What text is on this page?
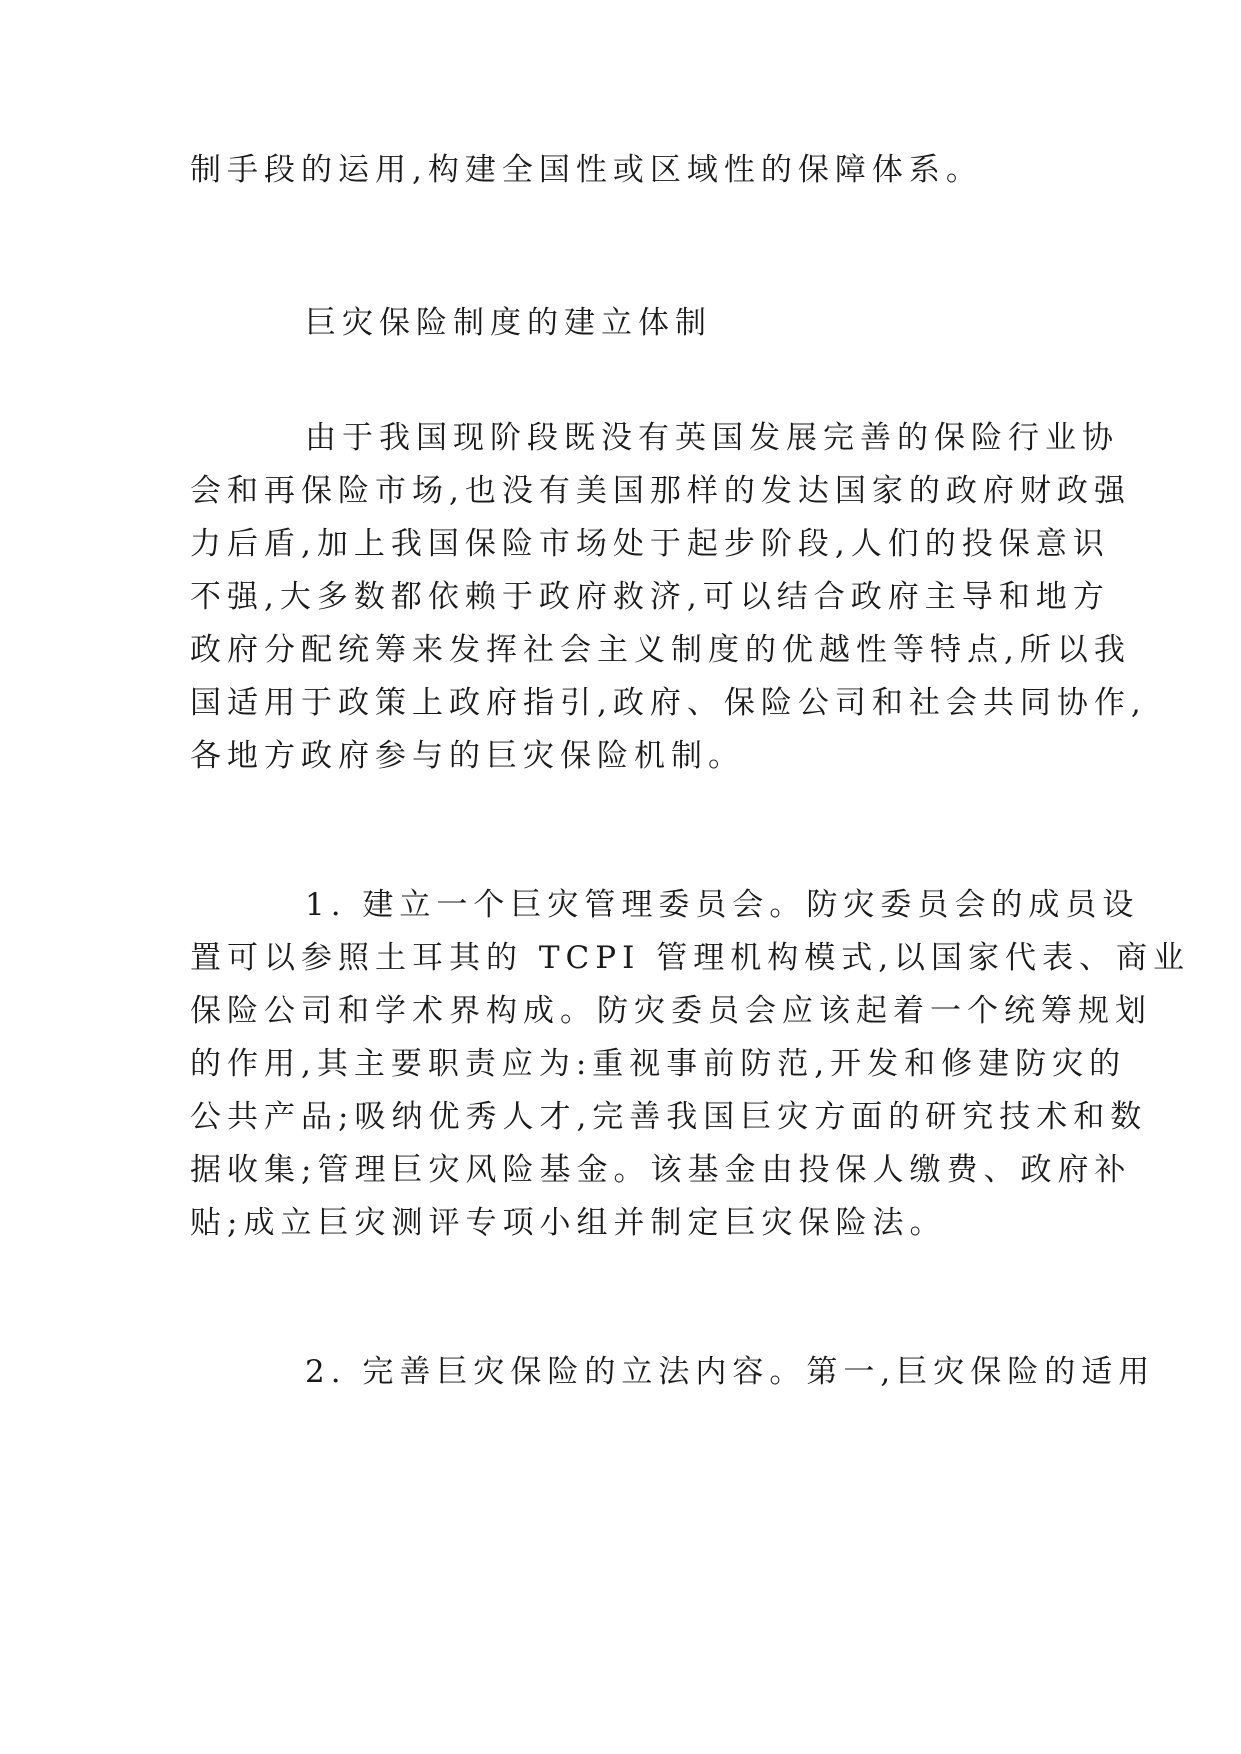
制手段的运用,构建全国性或区域性的保障体系。
巨灾保险制度的建立体制
由于我国现阶段既没有英国发展完善的保险行业协
会和再保险市场,也没有美国那样的发达国家的政府财政强
力后盾,加上我国保险市场处于起步阶段,人们的投保意识
不强,大多数都依赖于政府救济,可以结合政府主导和地方
政府分配统筹来发挥社会主义制度的优越性等特点,所以我
国适用于政策上政府指引,政府、保险公司和社会共同协作,
各地方政府参与的巨灾保险机制。
1. 建立一个巨灾管理委员会。防灾委员会的成员设
置可以参照土耳其的 TCPI 管理机构模式,以国家代表、商业
保险公司和学术界构成。防灾委员会应该起着一个统筹规划
的作用,其主要职责应为:重视事前防范,开发和修建防灾的
公共产品;吸纳优秀人才,完善我国巨灾方面的研究技术和数
据收集;管理巨灾风险基金。该基金由投保人缴费、政府补
贴;成立巨灾测评专项小组并制定巨灾保险法。
2. 完善巨灾保险的立法内容。第一,巨灾保险的适用
